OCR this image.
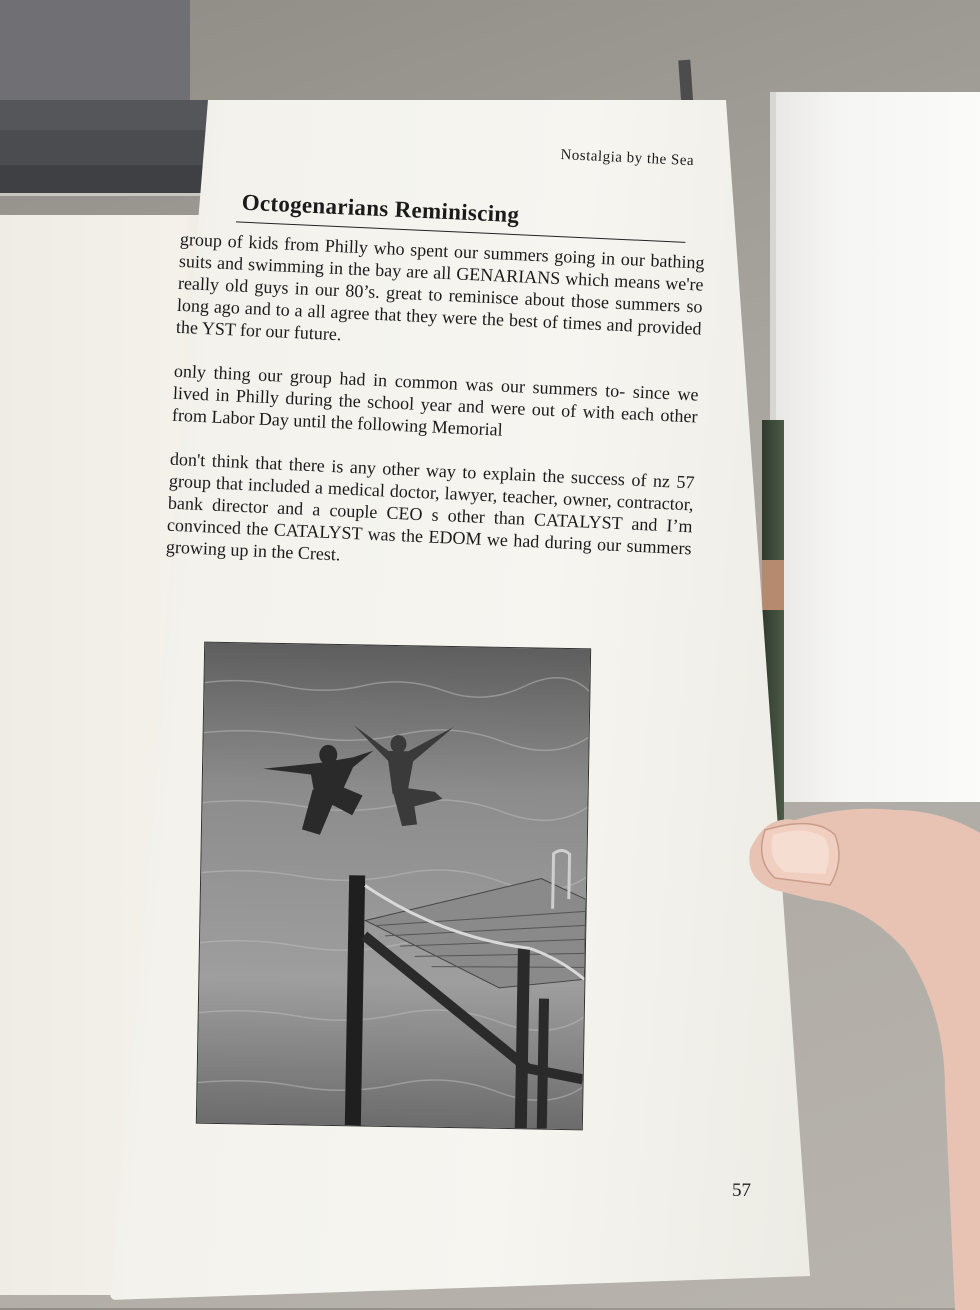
Nostalgia by the Sea
Octogenarians Reminiscing

group of kids from Philly who spent our summers going in our bathing suits and swimming in the bay are all GENARIANS which means we're really old guys in our 80’s. great to reminisce about those summers so long ago and to a all agree that they were the best of times and provided the YST for our future.

only thing our group had in common was our summers to- since we lived in Philly during the school year and were out of with each other from Labor Day until the following Memorial

don't think that there is any other way to explain the success of nz 57 group that included a medical doctor, lawyer, teacher, owner, contractor, bank director and a couple CEO s other than CATALYST and I’m convinced the CATALYST was the EDOM we had during our summers growing up in the Crest.

57
